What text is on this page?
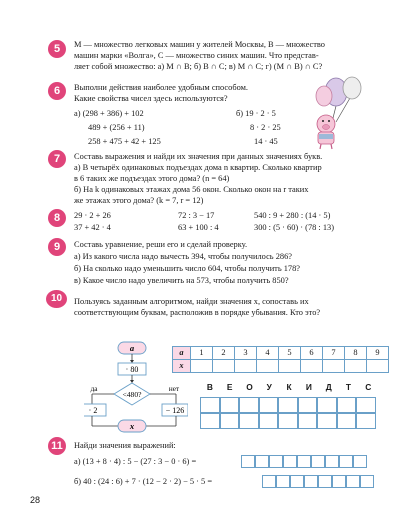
5	M — множество легковых машин у жителей Москвы, B — множество
машин марки «Волга», C — множество синих машин. Что представ-
ляет собой множество: а) M ∩ B; б) B ∩ C; в) M ∩ C; г) (M ∩ B) ∩ C?
6	Выполни действия наиболее удобным способом.
Какие свойства чисел здесь используются?
а) (298 + 386) + 102
489 + (256 + 11)
258 + 475 + 42 + 125
б) 19 · 2 · 5
8 · 2 · 25
14 · 45
7	Составь выражения и найди их значения при данных значениях букв.
а) В четырёх одинаковых подъездах дома n квартир. Сколько квартир
в 6 таких же подъездах этого дома? (n = 64)
б) На k одинаковых этажах дома 56 окон. Сколько окон на r таких
же этажах этого дома? (k = 7, r = 12)
8	29 · 2 + 26	72 : 3 − 17	540 : 9 + 280 : (14 · 5)
37 + 42 · 4	63 + 100 : 4	300 : (5 · 60) · (78 : 13)
9	Составь уравнение, реши его и сделай проверку.
а) Из какого числа надо вычесть 394, чтобы получилось 286?
б) На сколько надо уменьшить число 604, чтобы получить 178?
в) Какое число надо увеличить на 573, чтобы получить 850?
10	Пользуясь заданным алгоритмом, найди значения x, сопоставь их
соответствующим буквам, расположив в порядке убывания. Кто это?
a
· 80
<480?
да	нет
· 2	− 126
x
a	1	2	3	4	5	6	7	8	9
x									
В	Е	О	У	К	И	Д	Т	С
11	Найди значения выражений:
а) (13 + 8 · 4) : 5 − (27 : 3 − 0 · 6) =
б) 40 : (24 : 6) + 7 · (12 − 2 · 2) − 5 · 5 =
28
